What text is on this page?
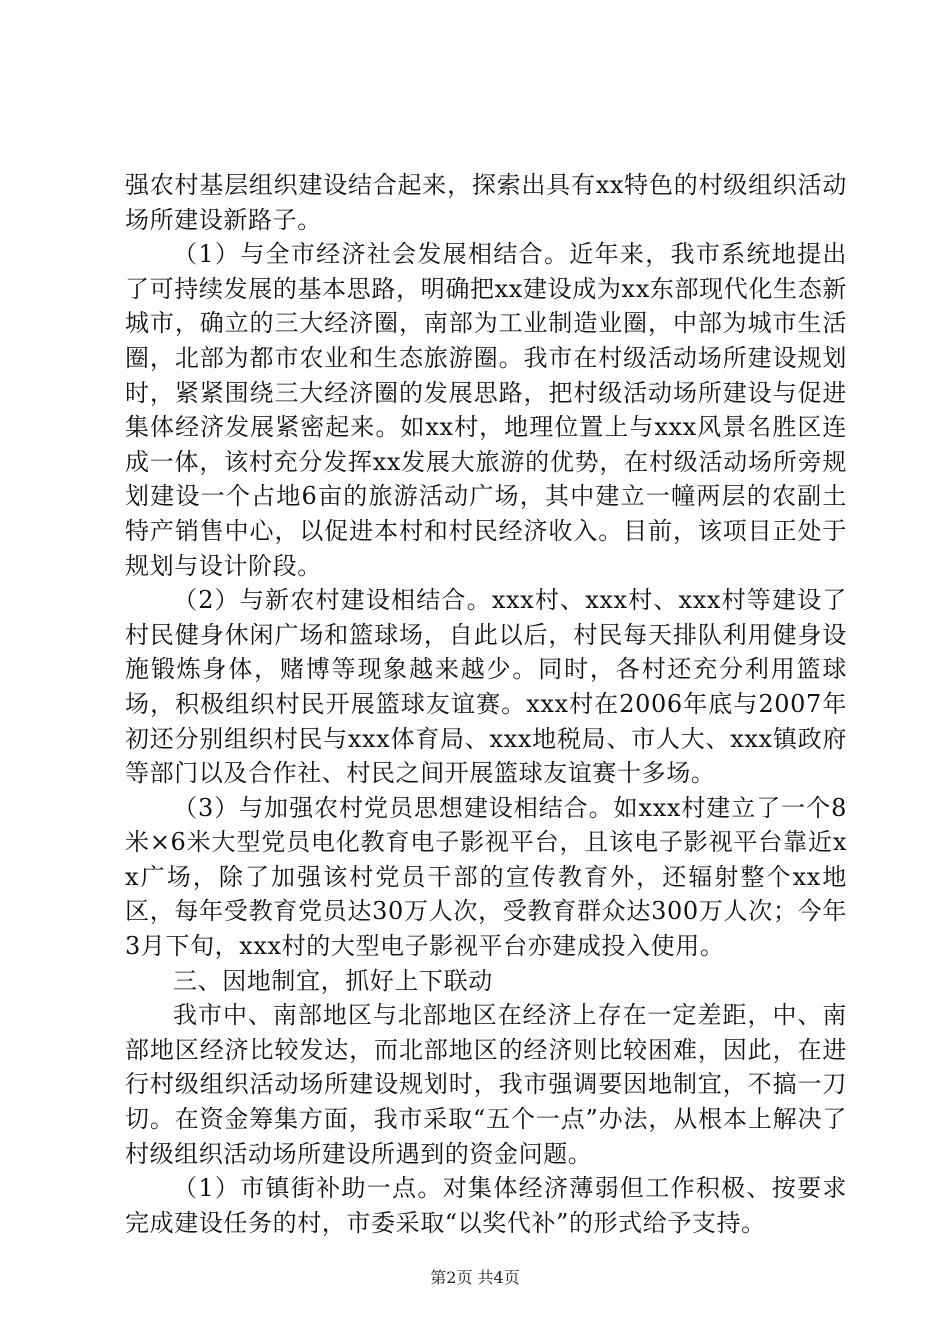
强农村基层组织建设结合起来，探索出具有xx特色的村级组织活动场所建设新路子。

（1）与全市经济社会发展相结合。近年来，我市系统地提出了可持续发展的基本思路，明确把xx建设成为xx东部现代化生态新城市，确立的三大经济圈，南部为工业制造业圈，中部为城市生活圈，北部为都市农业和生态旅游圈。我市在村级活动场所建设规划时，紧紧围绕三大经济圈的发展思路，把村级活动场所建设与促进集体经济发展紧密起来。如xx村，地理位置上与xxx风景名胜区连成一体，该村充分发挥xx发展大旅游的优势，在村级活动场所旁规划建设一个占地6亩的旅游活动广场，其中建立一幢两层的农副土特产销售中心，以促进本村和村民经济收入。目前，该项目正处于规划与设计阶段。

（2）与新农村建设相结合。xxx村、xxx村、xxx村等建设了村民健身休闲广场和篮球场，自此以后，村民每天排队利用健身设施锻炼身体，赌博等现象越来越少。同时，各村还充分利用篮球场，积极组织村民开展篮球友谊赛。xxx村在2006年底与2007年初还分别组织村民与xxx体育局、xxx地税局、市人大、xxx镇政府等部门以及合作社、村民之间开展篮球友谊赛十多场。

（3）与加强农村党员思想建设相结合。如xxx村建立了一个8米×6米大型党员电化教育电子影视平台，且该电子影视平台靠近xx广场，除了加强该村党员干部的宣传教育外，还辐射整个xx地区，每年受教育党员达30万人次，受教育群众达300万人次；今年3月下旬，xxx村的大型电子影视平台亦建成投入使用。

三、因地制宜，抓好上下联动

我市中、南部地区与北部地区在经济上存在一定差距，中、南部地区经济比较发达，而北部地区的经济则比较困难，因此，在进行村级组织活动场所建设规划时，我市强调要因地制宜，不搞一刀切。在资金筹集方面，我市采取“五个一点”办法，从根本上解决了村级组织活动场所建设所遇到的资金问题。

（1）市镇街补助一点。对集体经济薄弱但工作积极、按要求完成建设任务的村，市委采取“以奖代补”的形式给予支持。

第2页 共4页
